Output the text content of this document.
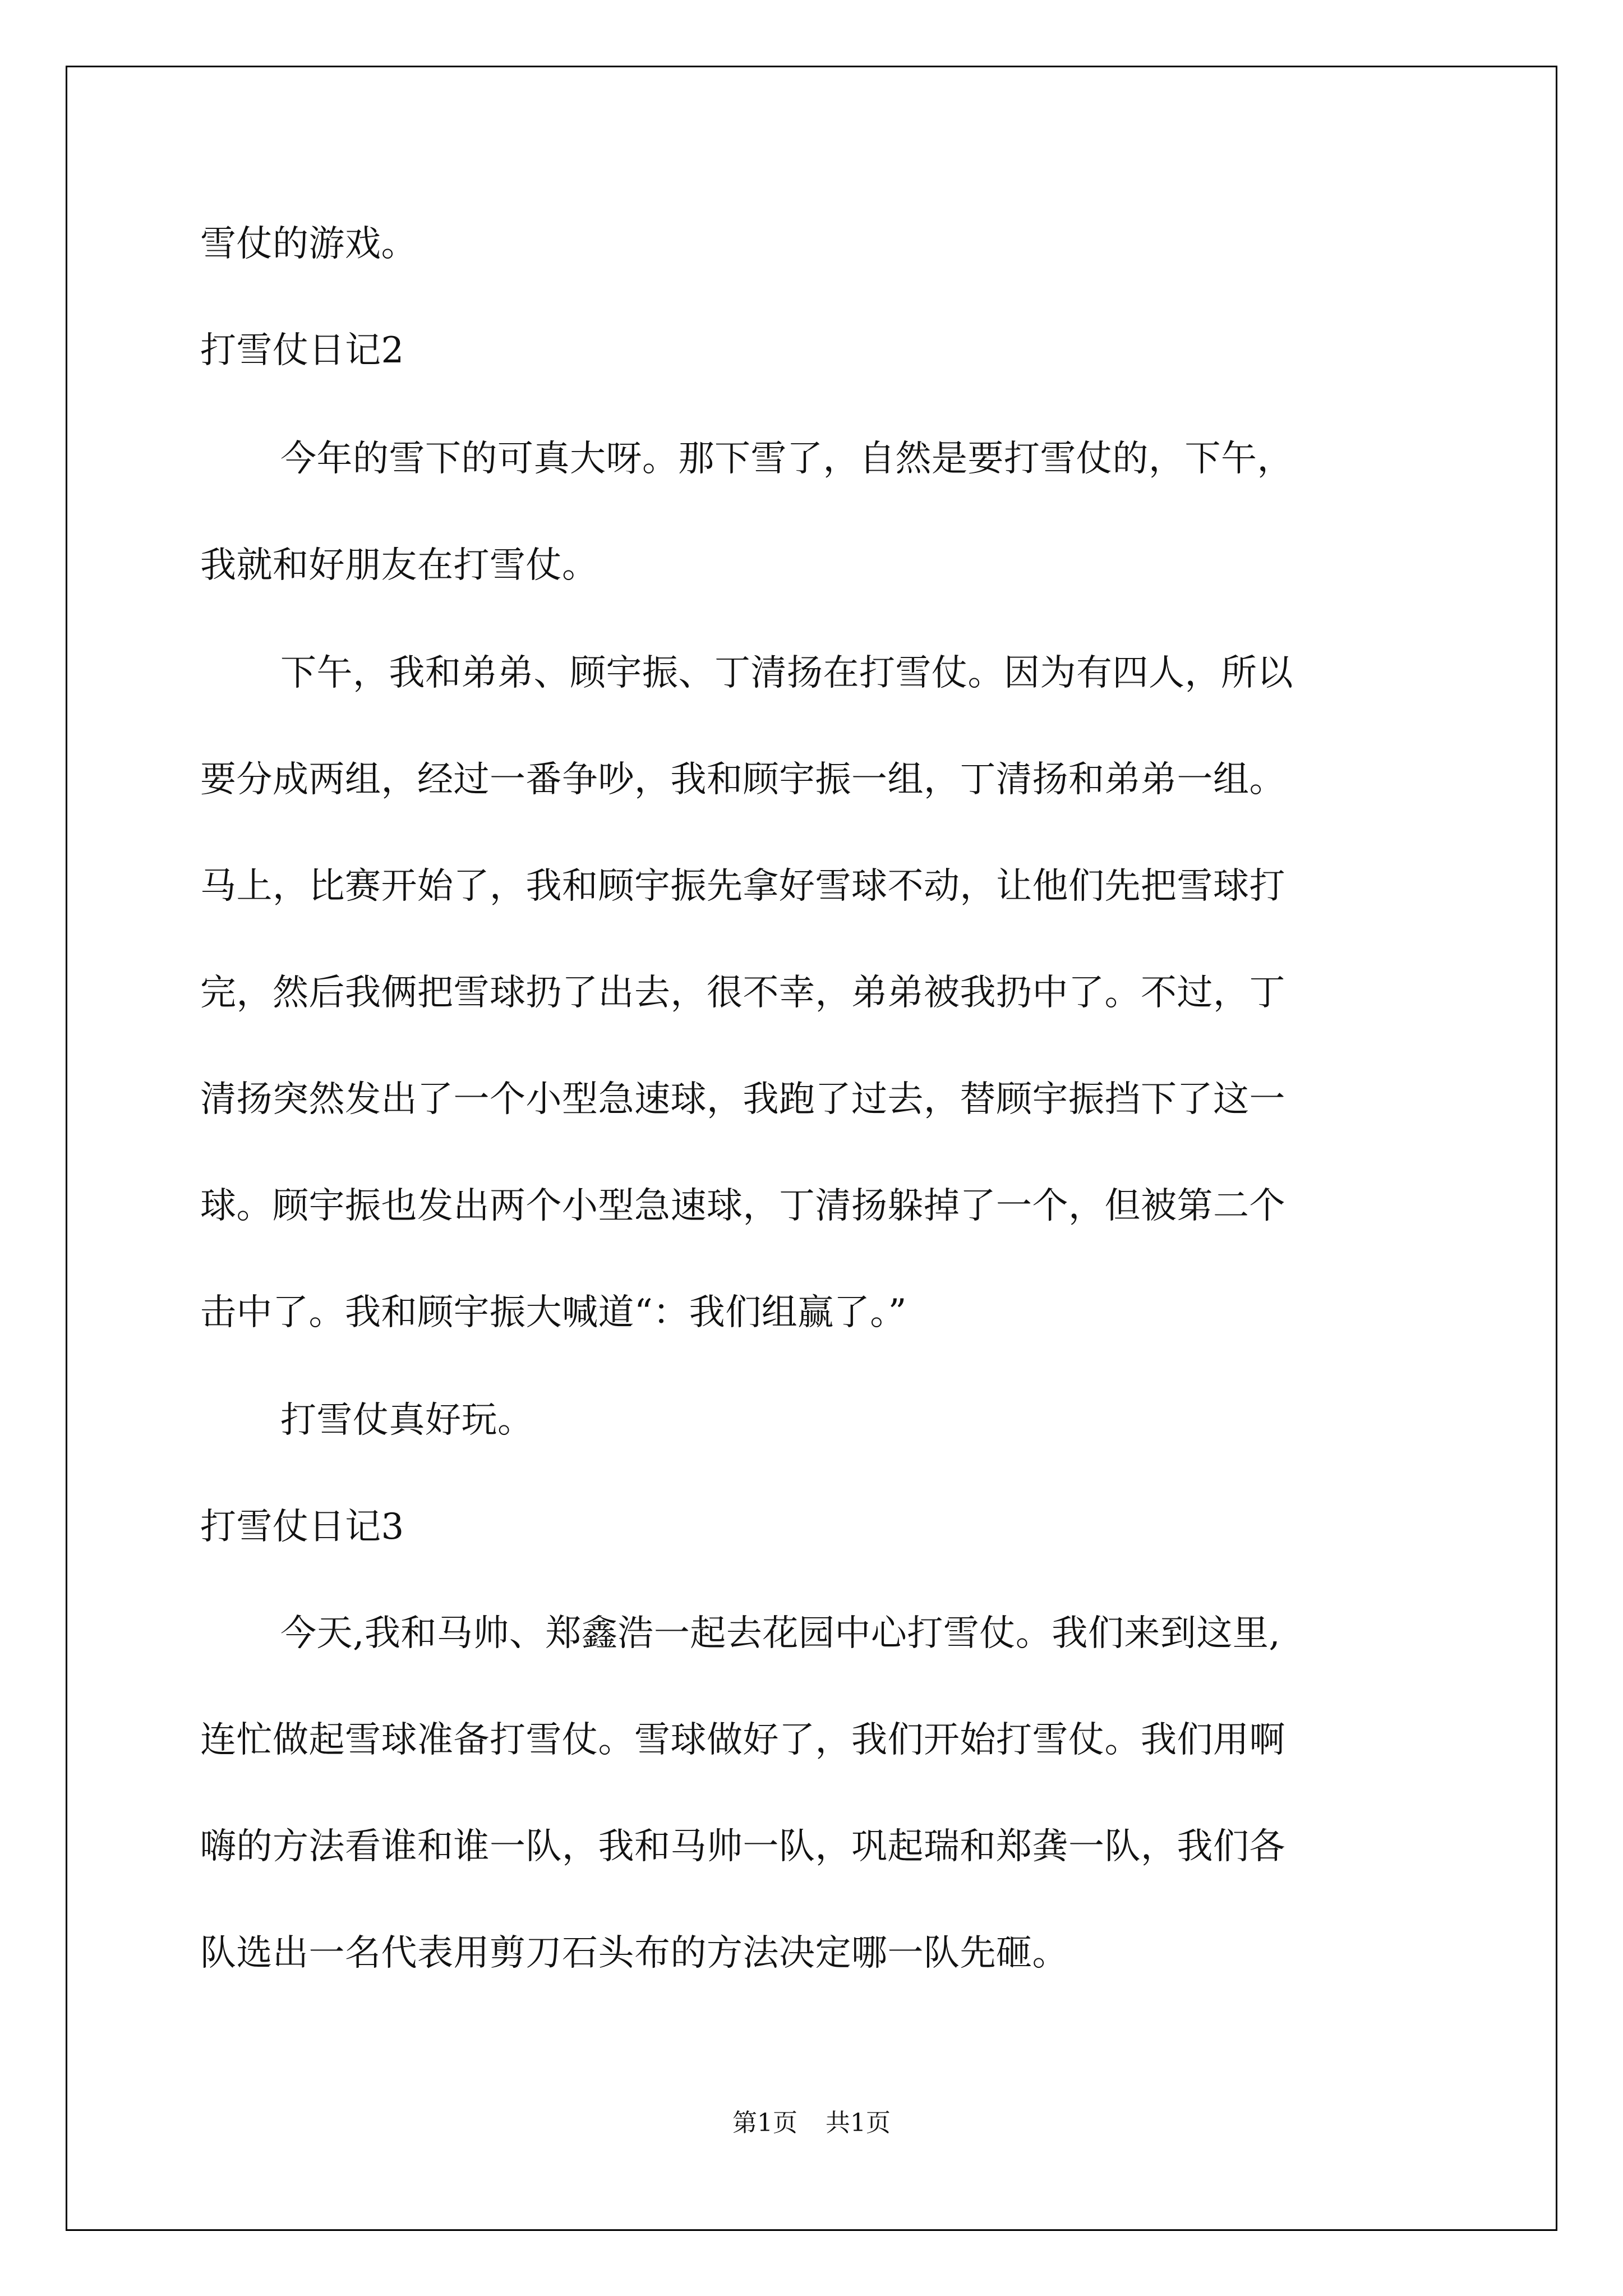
雪仗的游戏。
打雪仗日记2
今年的雪下的可真大呀。那下雪了，自然是要打雪仗的，下午，
我就和好朋友在打雪仗。
下午，我和弟弟、顾宇振、丁清扬在打雪仗。因为有四人，所以
要分成两组，经过一番争吵，我和顾宇振一组，丁清扬和弟弟一组。
马上，比赛开始了，我和顾宇振先拿好雪球不动，让他们先把雪球打
完，然后我俩把雪球扔了出去，很不幸，弟弟被我扔中了。不过，丁
清扬突然发出了一个小型急速球，我跑了过去，替顾宇振挡下了这一
球。顾宇振也发出两个小型急速球，丁清扬躲掉了一个，但被第二个
击中了。我和顾宇振大喊道“：我们组赢了。”
打雪仗真好玩。
打雪仗日记3
今天,我和马帅、郑鑫浩一起去花园中心打雪仗。我们来到这里,
连忙做起雪球准备打雪仗。雪球做好了，我们开始打雪仗。我们用啊
嗨的方法看谁和谁一队，我和马帅一队，巩起瑞和郑龚一队，我们各
队选出一名代表用剪刀石头布的方法决定哪一队先砸。
第1页 共1页
